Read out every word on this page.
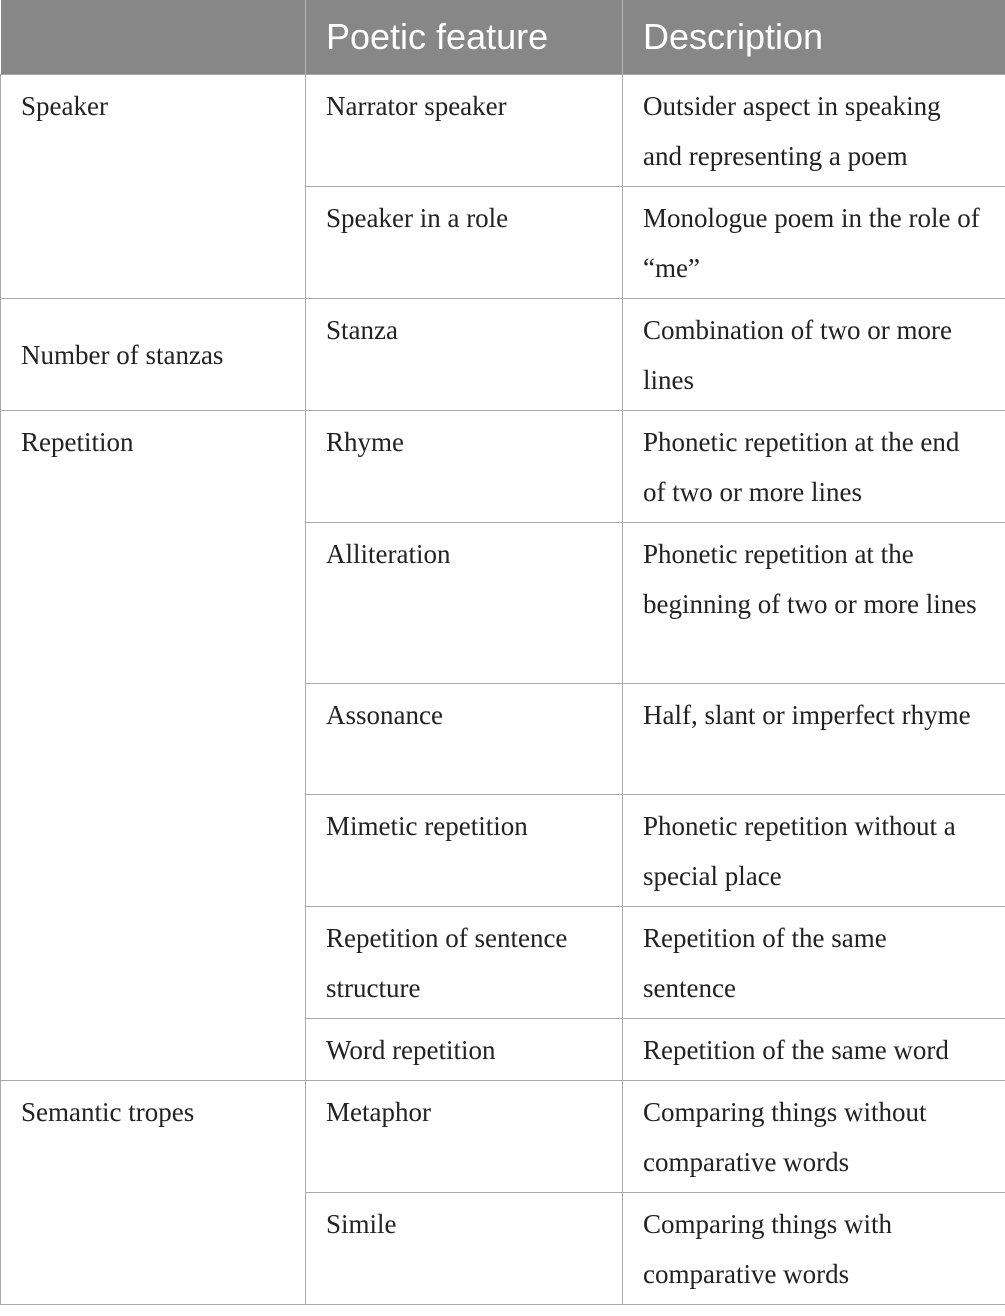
	Poetic feature	Description
Speaker	Narrator speaker	Outsider aspect in speaking and representing a poem
	Speaker in a role	Monologue poem in the role of “me”
Number of stanzas	Stanza	Combination of two or more lines
Repetition	Rhyme	Phonetic repetition at the end of two or more lines
	Alliteration	Phonetic repetition at the beginning of two or more lines
	Assonance	Half, slant or imperfect rhyme
	Mimetic repetition	Phonetic repetition without a special place
	Repetition of sentence structure	Repetition of the same sentence
	Word repetition	Repetition of the same word
Semantic tropes	Metaphor	Comparing things without comparative words
	Simile	Comparing things with comparative words
